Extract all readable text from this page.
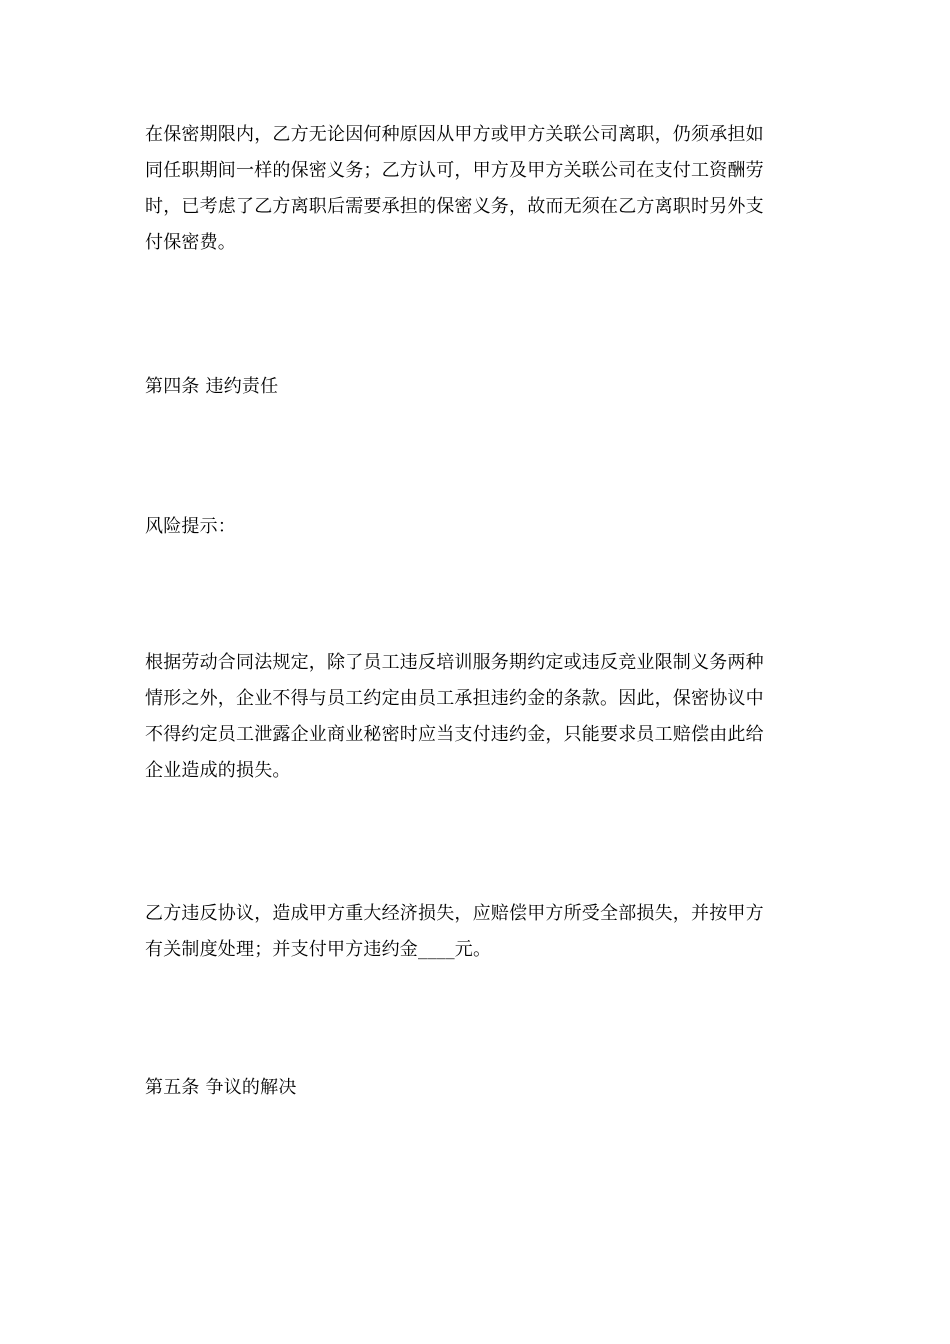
在保密期限内，乙方无论因何种原因从甲方或甲方关联公司离职，仍须承担如
同任职期间一样的保密义务；乙方认可，甲方及甲方关联公司在支付工资酬劳
时，已考虑了乙方离职后需要承担的保密义务，故而无须在乙方离职时另外支
付保密费。
第四条 违约责任
风险提示：
根据劳动合同法规定，除了员工违反培训服务期约定或违反竞业限制义务两种
情形之外，企业不得与员工约定由员工承担违约金的条款。因此，保密协议中
不得约定员工泄露企业商业秘密时应当支付违约金，只能要求员工赔偿由此给
企业造成的损失。
乙方违反协议，造成甲方重大经济损失，应赔偿甲方所受全部损失，并按甲方
有关制度处理；并支付甲方违约金____元。
第五条 争议的解决
